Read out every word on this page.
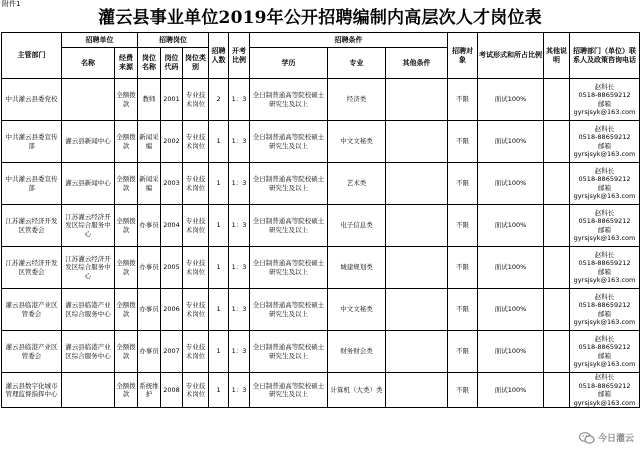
附件1
灌云县事业单位2019年公开招聘编制内高层次人才岗位表
主管部门	招聘单位		招聘岗位			招聘人数	开考比例	招聘条件			招聘对象	考试形式和所占比例	其他说明	招聘部门（单位）联系人及政策咨询电话
	名称	经费来源	岗位名称	岗位代码	岗位类别			学历	专业	其他条件				
中共灌云县委党校		全额拨款	教师	2001	专业技术岗位	2	1：3	全日制普通高等院校硕士研究生及以上	经济类		不限	面试100%		赵科长
0518-88659212
邮箱
gyrsjsyk@163.com

中共灌云县委宣传部	灌云县新闻中心	全额拨款	新闻采编	2002	专业技术岗位	1	1：3	全日制普通高等院校硕士研究生及以上	中文文秘类		不限	面试100%		赵科长
0518-88659212
邮箱
gyrsjsyk@163.com

中共灌云县委宣传部	灌云县新闻中心	全额拨款	新闻采编	2003	专业技术岗位	1	1：3	全日制普通高等院校硕士研究生及以上	艺术类		不限	面试100%		赵科长
0518-88659212
邮箱
gyrsjsyk@163.com

江苏灌云经济开发区管委会	江苏灌云经济开发区综合服务中心	全额拨款	办事员	2004	专业技术岗位	1	1：3	全日制普通高等院校硕士研究生及以上	电子信息类		不限	面试100%		赵科长
0518-88659212
邮箱
gyrsjsyk@163.com

江苏灌云经济开发区管委会	江苏灌云经济开发区综合服务中心	全额拨款	办事员	2005	专业技术岗位	1	1：3	全日制普通高等院校硕士研究生及以上	城建规划类		不限	面试100%		赵科长
0518-88659212
邮箱
gyrsjsyk@163.com

灌云县临港产业区管委会	灌云县临港产业区综合服务中心	全额拨款	办事员	2006	专业技术岗位	1	1：3	全日制普通高等院校硕士研究生及以上	中文文秘类		不限	面试100%		赵科长
0518-88659212
邮箱
gyrsjsyk@163.com

灌云县临港产业区管委会	灌云县临港产业区综合服务中心	全额拨款	办事员	2007	专业技术岗位	1	1：3	全日制普通高等院校硕士研究生及以上	财务财会类		不限	面试100%		赵科长
0518-88659212
邮箱
gyrsjsyk@163.com

灌云县数字化城市管理监督指挥中心		全额拨款	系统维护	2008	专业技术岗位	1	1：3	全日制普通高等院校硕士研究生及以上	计算机（大类）类		不限	面试100%		赵科长
0518-88659212
邮箱
gyrsjsyk@163.com
今日灌云
